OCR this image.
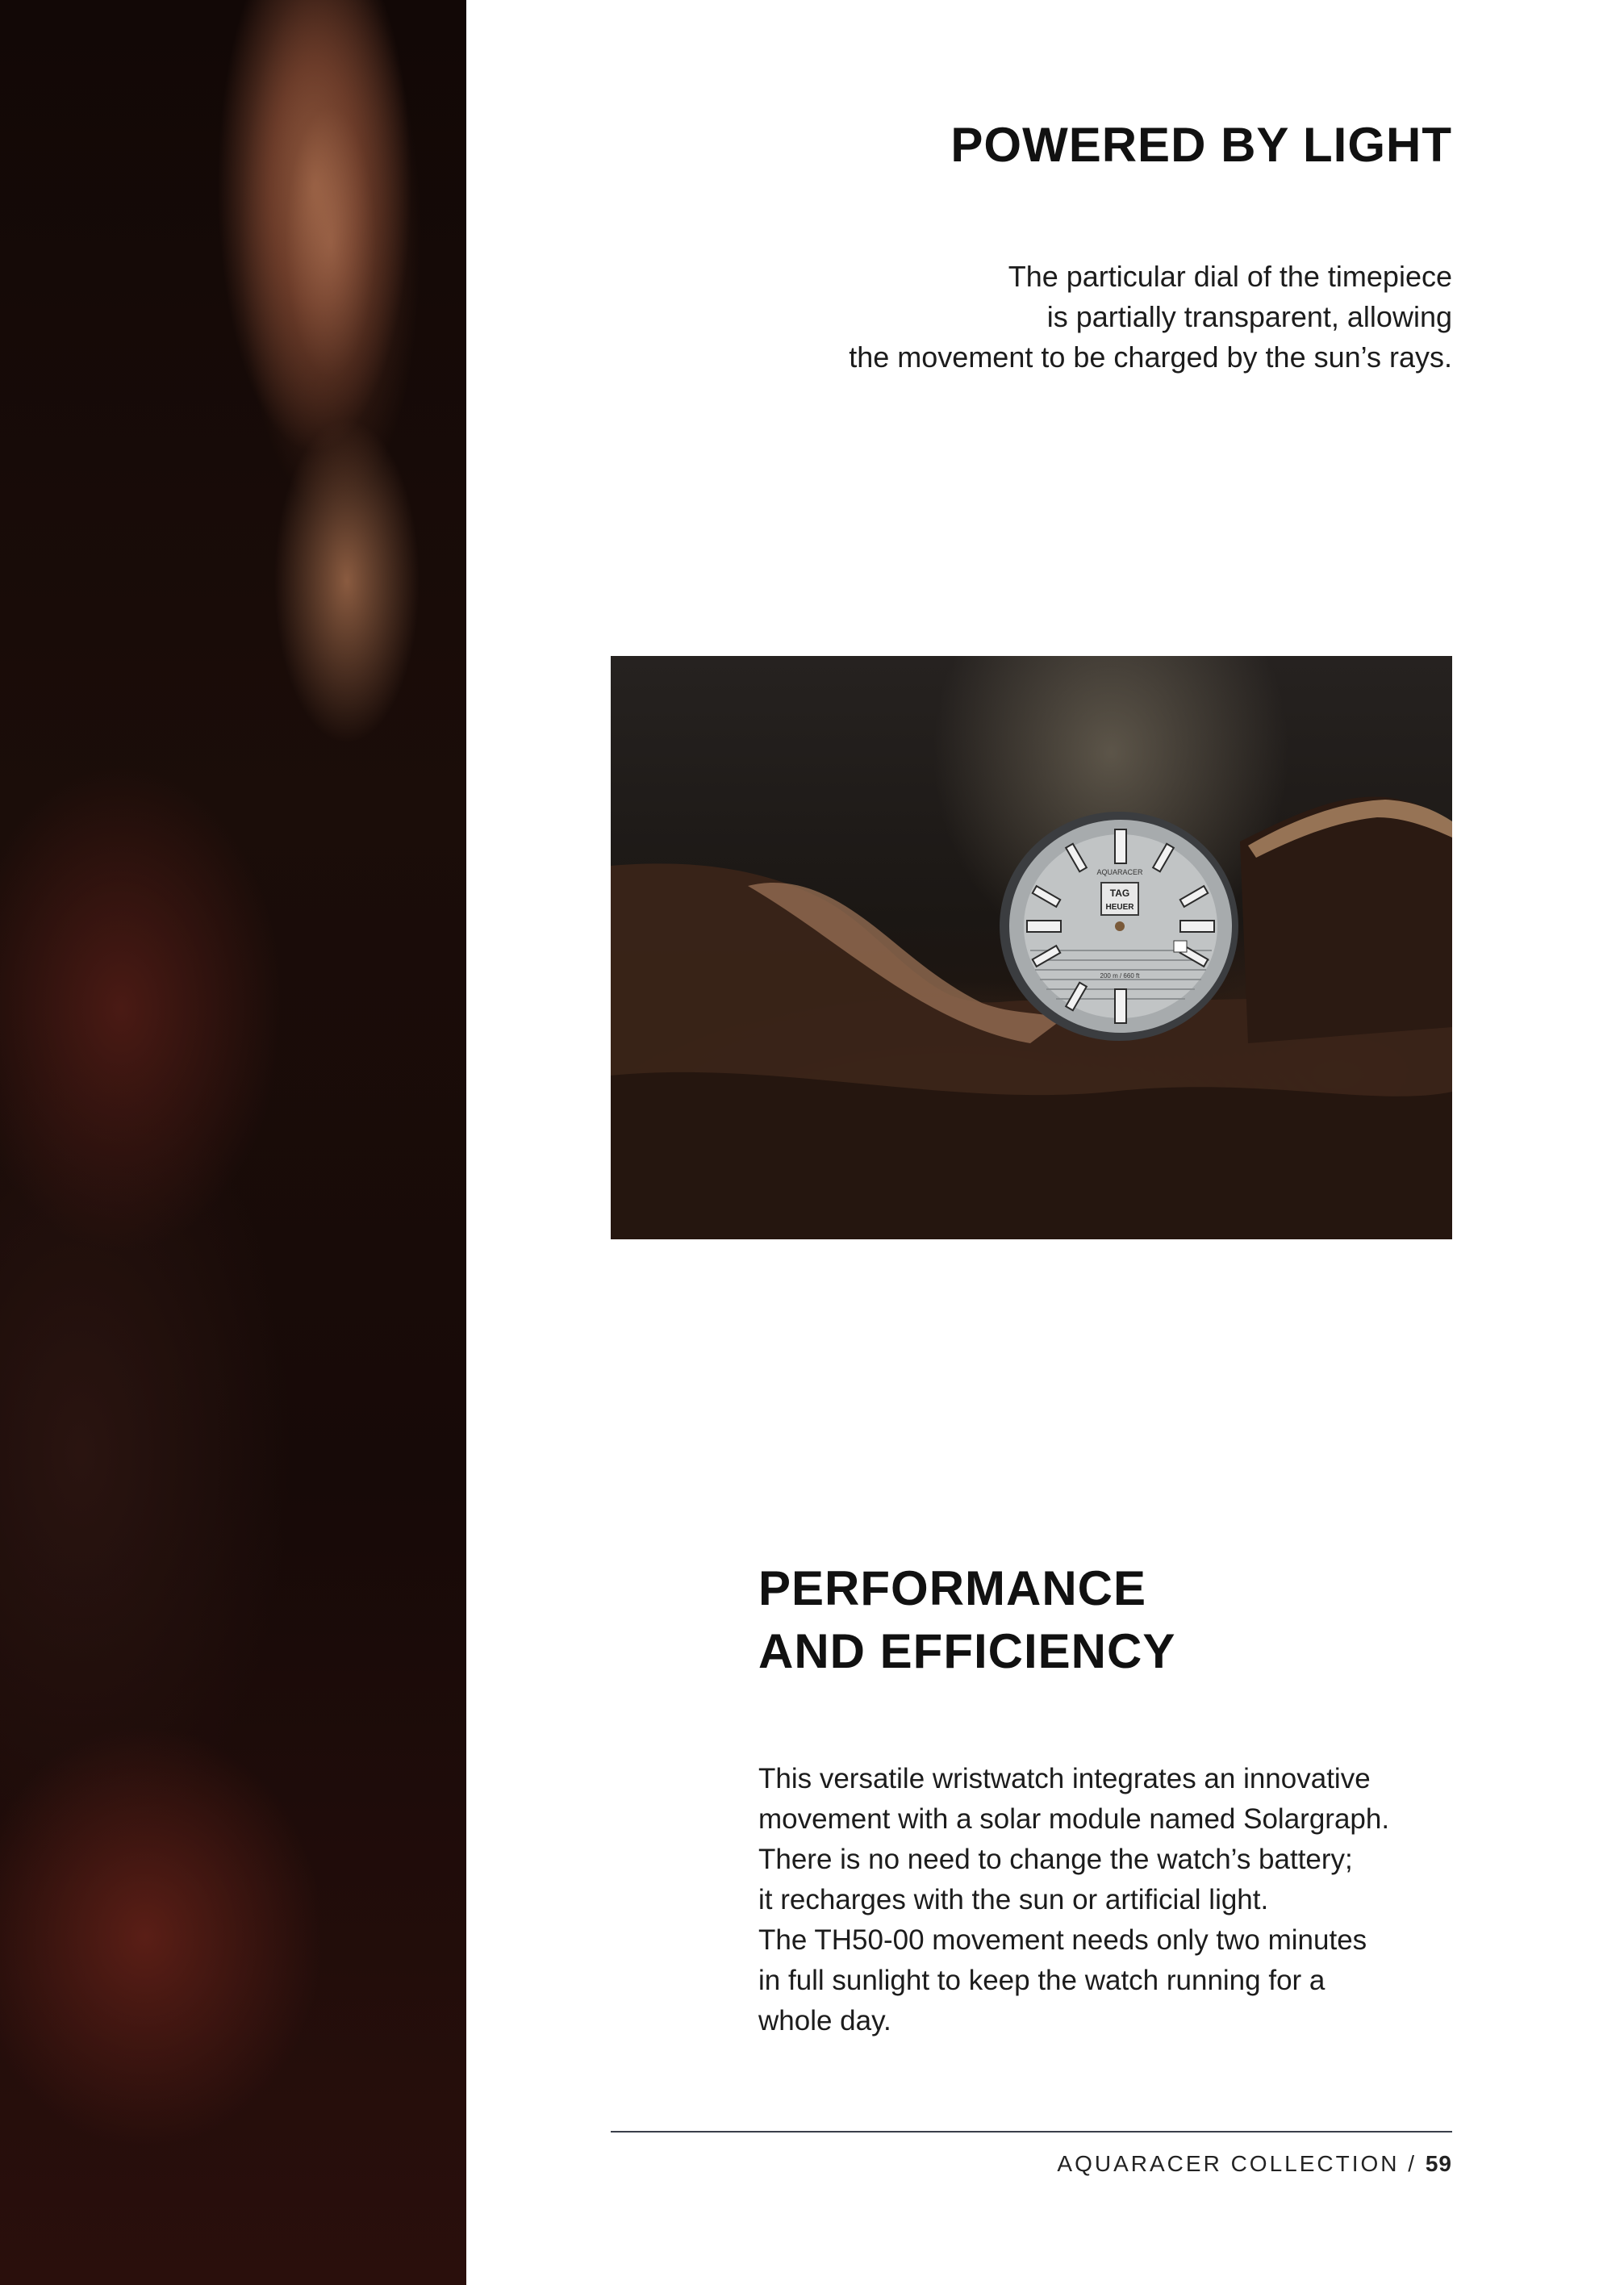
POWERED BY LIGHT
The particular dial of the timepiece
is partially transparent, allowing
the movement to be charged by the sun’s rays.
TAG
HEUER
AQUARACER
200 m / 660 ft
PERFORMANCE
AND EFFICIENCY
This versatile wristwatch integrates an innovative
movement with a solar module named Solargraph.
There is no need to change the watch’s battery;
it recharges with the sun or artificial light.
The TH50-00 movement needs only two minutes
in full sunlight to keep the watch running for a
whole day.
AQUARACER COLLECTION / 59
